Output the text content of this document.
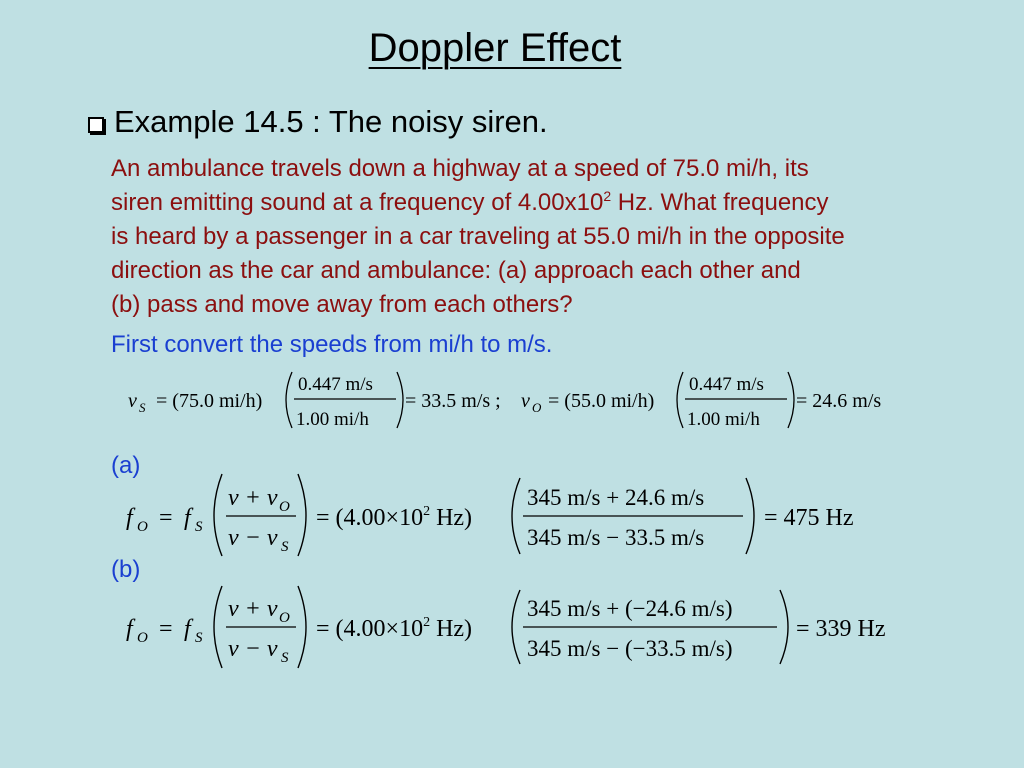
Doppler Effect
Example 14.5 : The noisy siren.
An ambulance travels down a highway at a speed of 75.0 mi/h, its
siren emitting sound at a frequency of $4.00x10^2$ Hz. What frequency
is heard by a passenger in a car traveling at 55.0 mi/h in the opposite
direction as the car and ambulance: (a) approach each other and
(b) pass and move away from each others?
First convert the speeds from mi/h to m/s.
(a)
(b)
v S = (75.0 mi/h)
0.447 m/s
1.00 mi/h
= 33.5 m/s ; v O = (55.0 mi/h)
0.447 m/s
1.00 mi/h
= 24.6 m/s
f O = f S
v + v O
v − v S
= ($4.00\times 10^2$ Hz)
345 m/s + 24.6 m/s
345 m/s − 33.5 m/s
= 475 Hz
f O = f S
v + v O
v − v S
= ($4.00\times 10^2$ Hz)
345 m/s + (−24.6 m/s)
345 m/s − (−33.5 m/s)
= 339 Hz
